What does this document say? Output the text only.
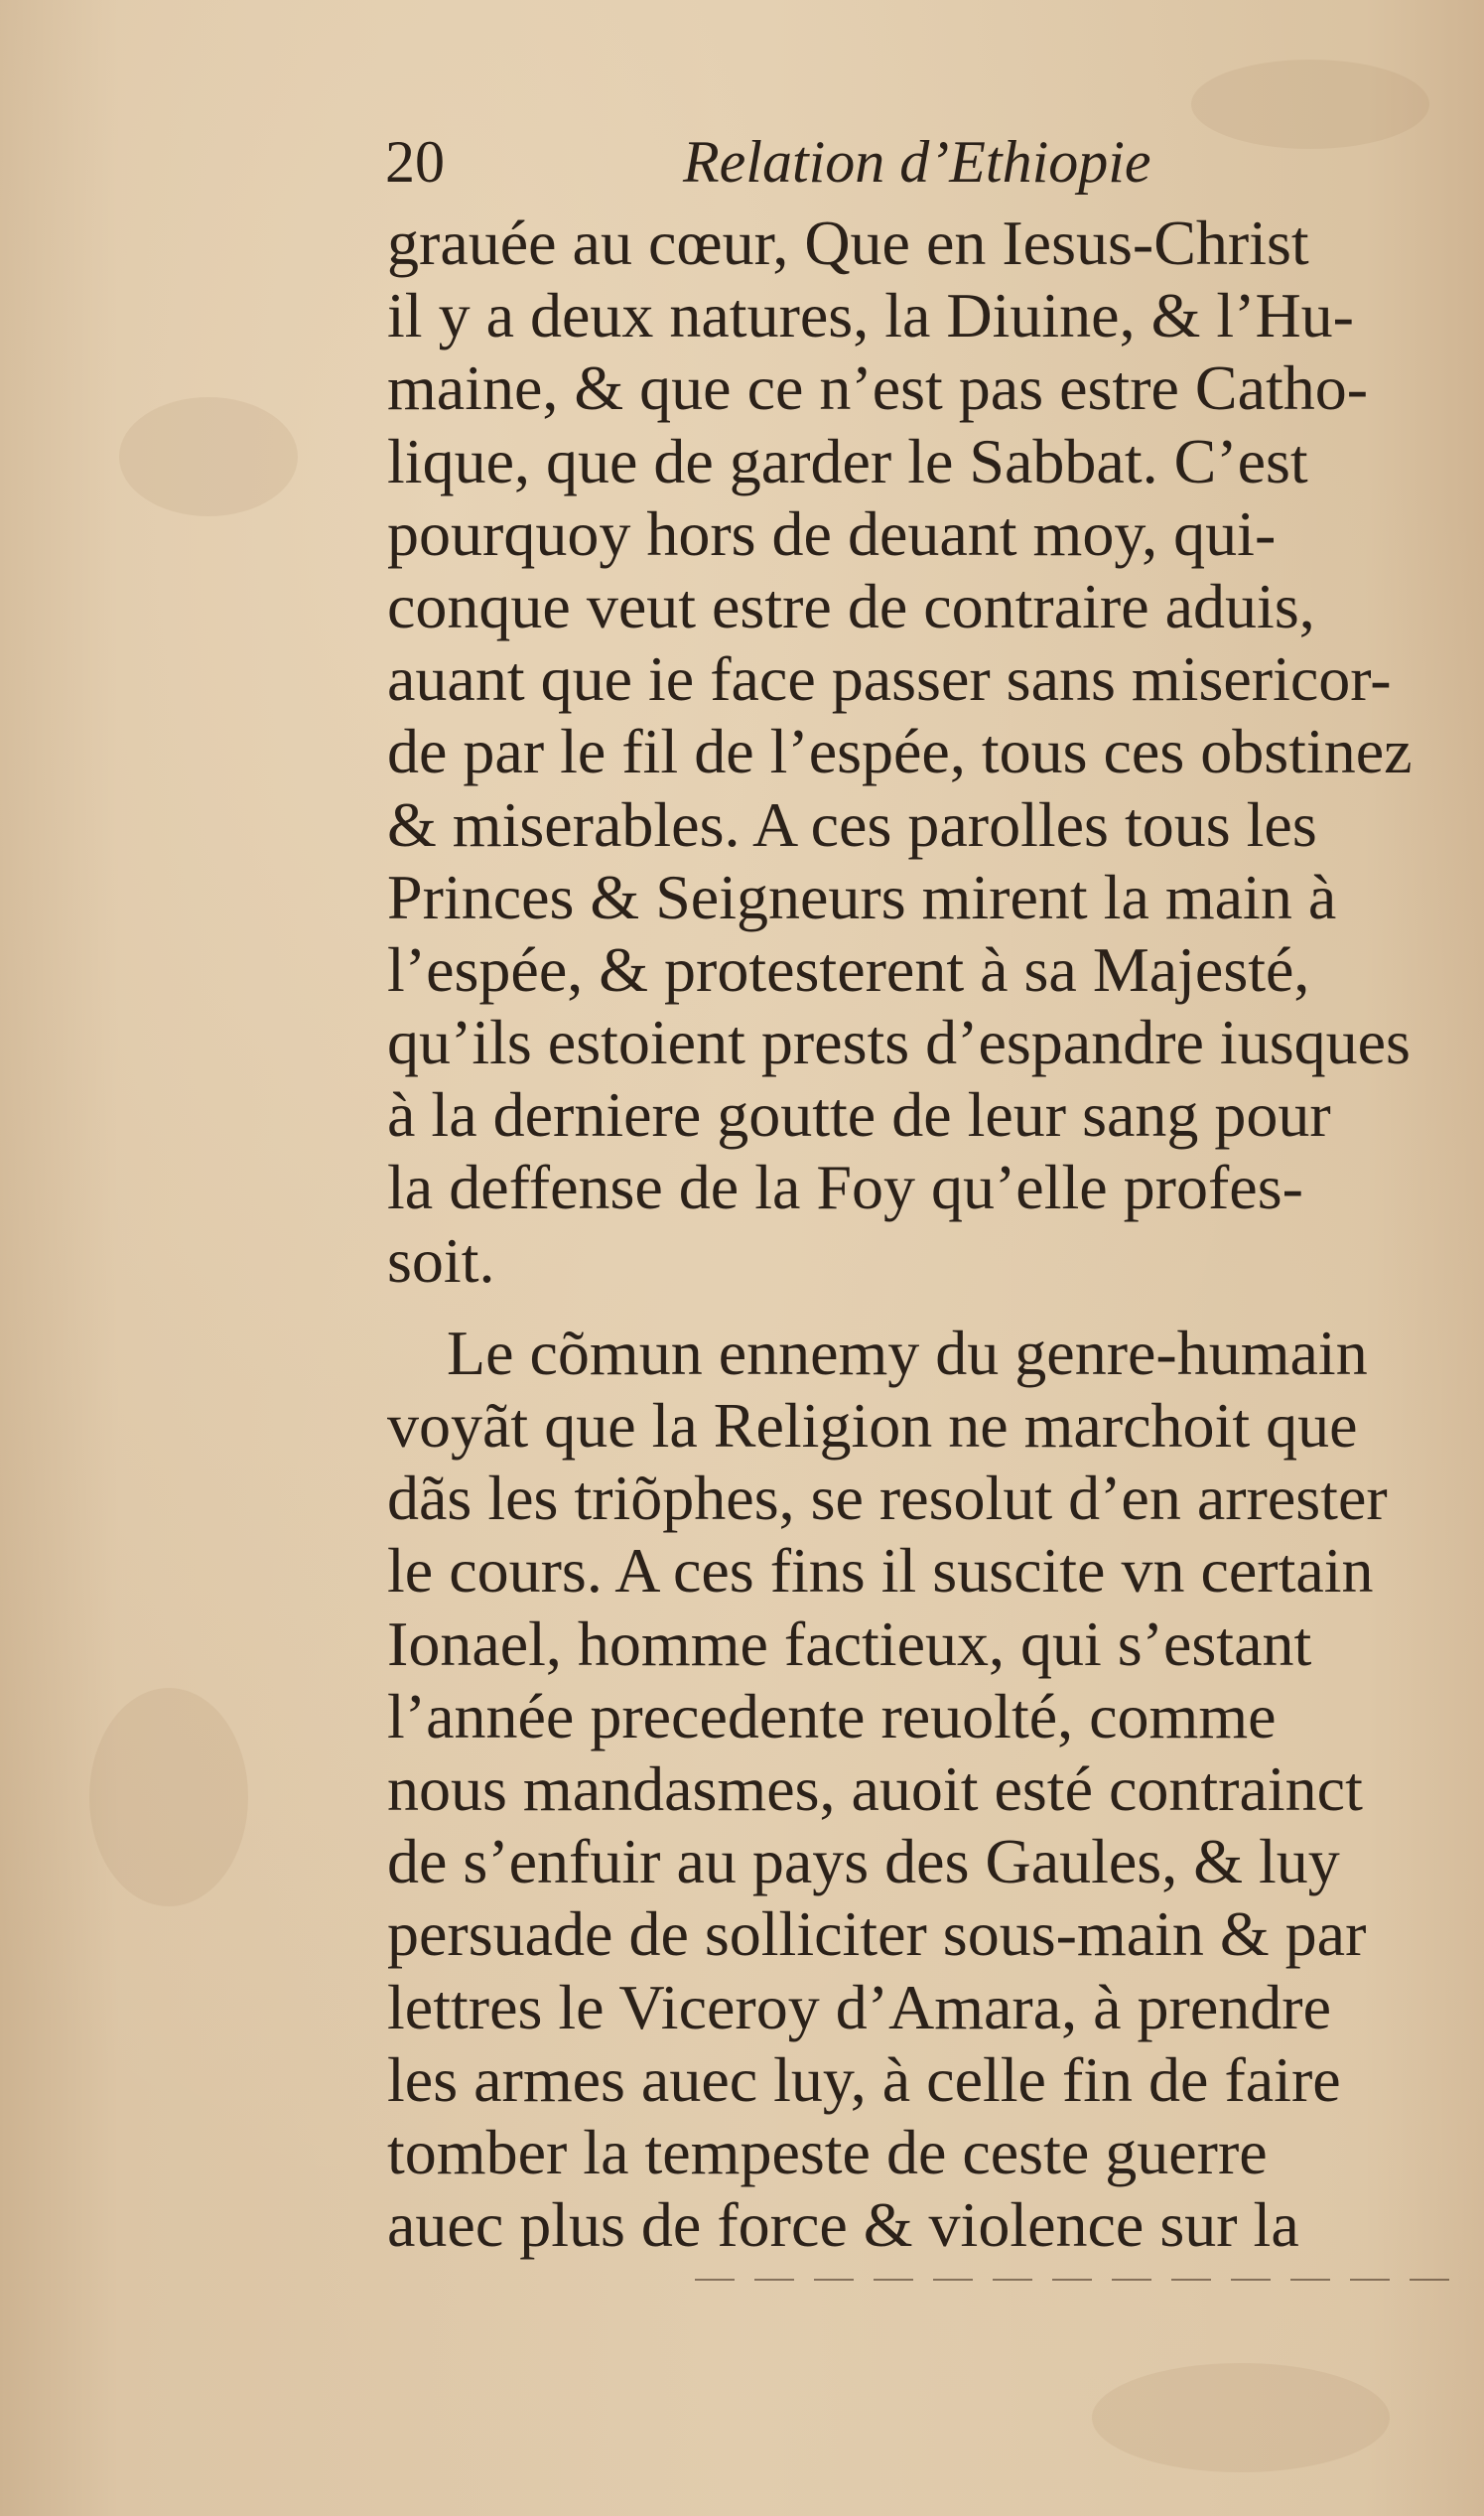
20	Relation d’Ethiopie
grauée au cœur, Que en Iesus-Christ
il y a deux natures, la Diuine, & l’Hu-
maine, & que ce n’est pas estre Catho-
lique, que de garder le Sabbat. C’est
pourquoy hors de deuant moy, qui-
conque veut estre de contraire aduis,
auant que ie face passer sans misericor-
de par le fil de l’espée, tous ces obstinez
& miserables. A ces parolles tous les
Princes & Seigneurs mirent la main à
l’espée, & protesterent à sa Majesté,
qu’ils estoient prests d’espandre iusques
à la derniere goutte de leur sang pour
la deffense de la Foy qu’elle profes-
soit.
Le cõmun ennemy du genre-humain
voyãt que la Religion ne marchoit que
dãs les triõphes, se resolut d’en arrester
le cours. A ces fins il suscite vn certain
Ionael, homme factieux, qui s’estant
l’année precedente reuolté, comme
nous mandasmes, auoit esté contrainct
de s’enfuir au pays des Gaules, & luy
persuade de solliciter sous-main & par
lettres le Viceroy d’Amara, à prendre
les armes auec luy, à celle fin de faire
tomber la tempeste de ceste guerre
auec plus de force & violence sur la
